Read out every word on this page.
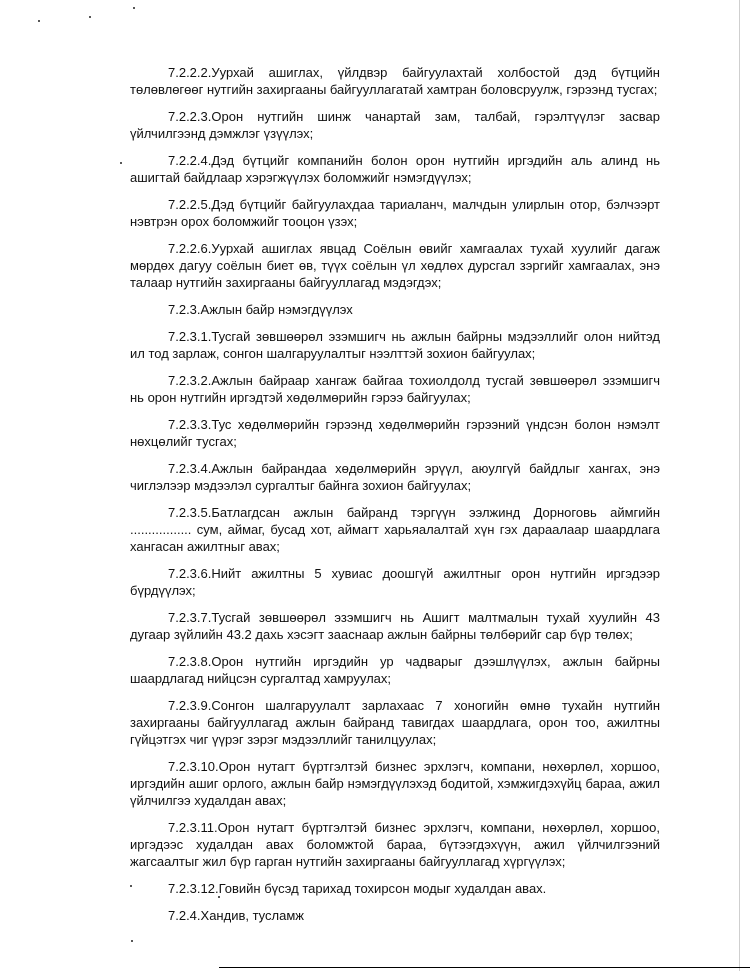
7.2.2.2.Уурхай ашиглах, үйлдвэр байгуулахтай холбостой дэд бүтцийн төлөвлөгөөг нутгийн захиргааны байгууллагатай хамтран боловсруулж, гэрээнд тусгах;

7.2.2.3.Орон нутгийн шинж чанартай зам, талбай, гэрэлтүүлэг засвар үйлчилгээнд дэмжлэг үзүүлэх;

7.2.2.4.Дэд бүтцийг компанийн болон орон нутгийн иргэдийн аль алинд нь ашигтай байдлаар хэрэгжүүлэх боломжийг нэмэгдүүлэх;

7.2.2.5.Дэд бүтцийг байгуулахдаа тариаланч, малчдын улирлын отор, бэлчээрт нэвтрэн орох боломжийг тооцон үзэх;

7.2.2.6.Уурхай ашиглах явцад Соёлын өвийг хамгаалах тухай хуулийг дагаж мөрдөх дагуу соёлын биет өв, түүх соёлын үл хөдлөх дурсгал зэргийг хамгаалах, энэ талаар нутгийн захиргааны байгууллагад мэдэгдэх;

7.2.3.Ажлын байр нэмэгдүүлэх

7.2.3.1.Тусгай зөвшөөрөл эзэмшигч нь ажлын байрны мэдээллийг олон нийтэд ил тод зарлаж, сонгон шалгаруулалтыг нээлттэй зохион байгуулах;

7.2.3.2.Ажлын байраар хангаж байгаа тохиолдолд тусгай зөвшөөрөл эзэмшигч нь орон нутгийн иргэдтэй хөдөлмөрийн гэрээ байгуулах;

7.2.3.3.Тус хөдөлмөрийн гэрээнд хөдөлмөрийн гэрээний үндсэн болон нэмэлт нөхцөлийг тусгах;

7.2.3.4.Ажлын байрандаа хөдөлмөрийн эрүүл, аюулгүй байдлыг хангах, энэ чиглэлээр мэдээлэл сургалтыг байнга зохион байгуулах;

7.2.3.5.Батлагдсан ажлын байранд тэргүүн ээлжинд Дорноговь аймгийн ................. сум, аймаг, бусад хот, аймагт харьяалалтай хүн гэх дараалаар шаардлага хангасан ажилтныг авах;

7.2.3.6.Нийт ажилтны 5 хувиас доошгүй ажилтныг орон нутгийн иргэдээр бүрдүүлэх;

7.2.3.7.Тусгай зөвшөөрөл эзэмшигч нь Ашигт малтмалын тухай хуулийн 43 дугаар зүйлийн 43.2 дахь хэсэгт зааснаар ажлын байрны төлбөрийг сар бүр төлөх;

7.2.3.8.Орон нутгийн иргэдийн ур чадварыг дээшлүүлэх, ажлын байрны шаардлагад нийцсэн сургалтад хамруулах;

7.2.3.9.Сонгон шалгаруулалт зарлахаас 7 хоногийн өмнө тухайн нутгийн захиргааны байгууллагад ажлын байранд тавигдах шаардлага, орон тоо, ажилтны гүйцэтгэх чиг үүрэг зэрэг мэдээллийг танилцуулах;

7.2.3.10.Орон нутагт бүртгэлтэй бизнес эрхлэгч, компани, нөхөрлөл, хоршоо, иргэдийн ашиг орлого, ажлын байр нэмэгдүүлэхэд бодитой, хэмжигдэхүйц бараа, ажил үйлчилгээ худалдан авах;

7.2.3.11.Орон нутагт бүртгэлтэй бизнес эрхлэгч, компани, нөхөрлөл, хоршоо, иргэдээс худалдан авах боломжтой бараа, бүтээгдэхүүн, ажил үйлчилгээний жагсаалтыг жил бүр гарган нутгийн захиргааны байгууллагад хүргүүлэх;

7.2.3.12.Говийн бүсэд тарихад тохирсон модыг худалдан авах.

7.2.4.Хандив, тусламж
